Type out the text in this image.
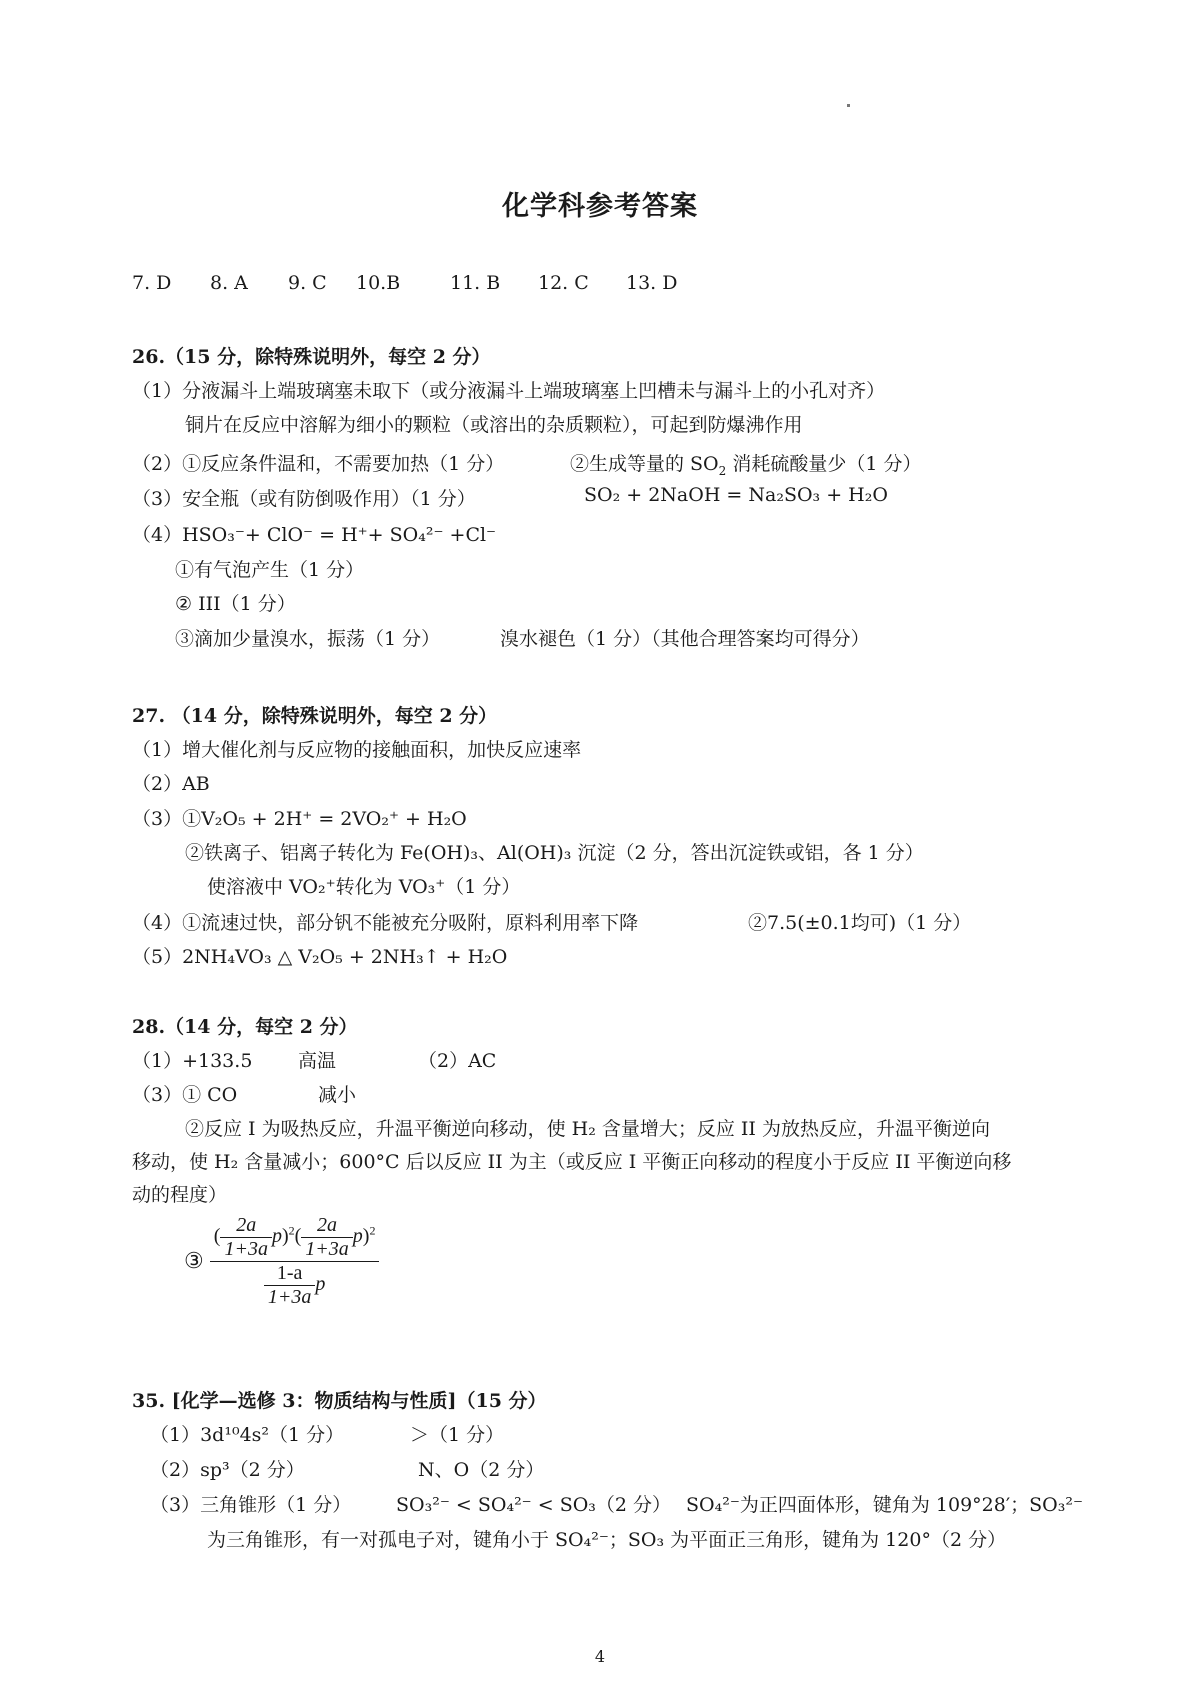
化学科参考答案
7. D 8. A 9. C 10.B	11. B 12. C 13. D
26.（15 分，除特殊说明外，每空 2 分）
（1）分液漏斗上端玻璃塞未取下（或分液漏斗上端玻璃塞上凹槽未与漏斗上的小孔对齐）
铜片在反应中溶解为细小的颗粒（或溶出的杂质颗粒），可起到防爆沸作用
（2）①反应条件温和，不需要加热（1 分）	②生成等量的 $SO_2$ 消耗硫酸量少（1 分）
（3）安全瓶（或有防倒吸作用）（1 分）	SO₂ + 2NaOH = Na₂SO₃ + H₂O
（4）HSO₃⁻+ ClO⁻ = H⁺+ SO₄²⁻ +Cl⁻
①有气泡产生（1 分）
② III（1 分）
③滴加少量溴水，振荡（1 分）	溴水褪色（1 分）（其他合理答案均可得分）
27. （14 分，除特殊说明外，每空 2 分）
（1）增大催化剂与反应物的接触面积，加快反应速率
（2）AB
（3）①V₂O₅ + 2H⁺ = 2VO₂⁺ + H₂O
②铁离子、铝离子转化为 Fe(OH)₃、Al(OH)₃ 沉淀（2 分，答出沉淀铁或铝，各 1 分）
使溶液中 VO₂⁺转化为 VO₃⁺（1 分）
（4）①流速过快，部分钒不能被充分吸附，原料利用率下降	②7.5(±0.1均可)（1 分）
（5）2NH₄VO₃ △ V₂O₅ + 2NH₃↑ + H₂O
28.（14 分，每空 2 分）
（1）+133.5 高温	（2）AC
（3）① CO	减小
②反应 I 为吸热反应，升温平衡逆向移动，使 H₂ 含量增大；反应 II 为放热反应，升温平衡逆向
移动，使 H₂ 含量减小；600°C 后以反应 II 为主（或反应 I 平衡正向移动的程度小于反应 II 平衡逆向移
动的程度）
③ $\frac{( \frac{2a}{1+3a} p)^2( \frac{2a}{1+3a} p)^2}{\frac{1-a}{1+3a} p}$
35. [化学—选修 3：物质结构与性质]（15 分）
（1）3d¹⁰4s²（1 分）	＞（1 分）
（2）sp³（2 分）	N、O（2 分）
（3）三角锥形（1 分） SO₃²⁻ < SO₄²⁻ < SO₃（2 分） SO₄²⁻为正四面体形，键角为 109°28′；SO₃²⁻
为三角锥形，有一对孤电子对，键角小于 SO₄²⁻；SO₃ 为平面正三角形，键角为 120°（2 分）
4
